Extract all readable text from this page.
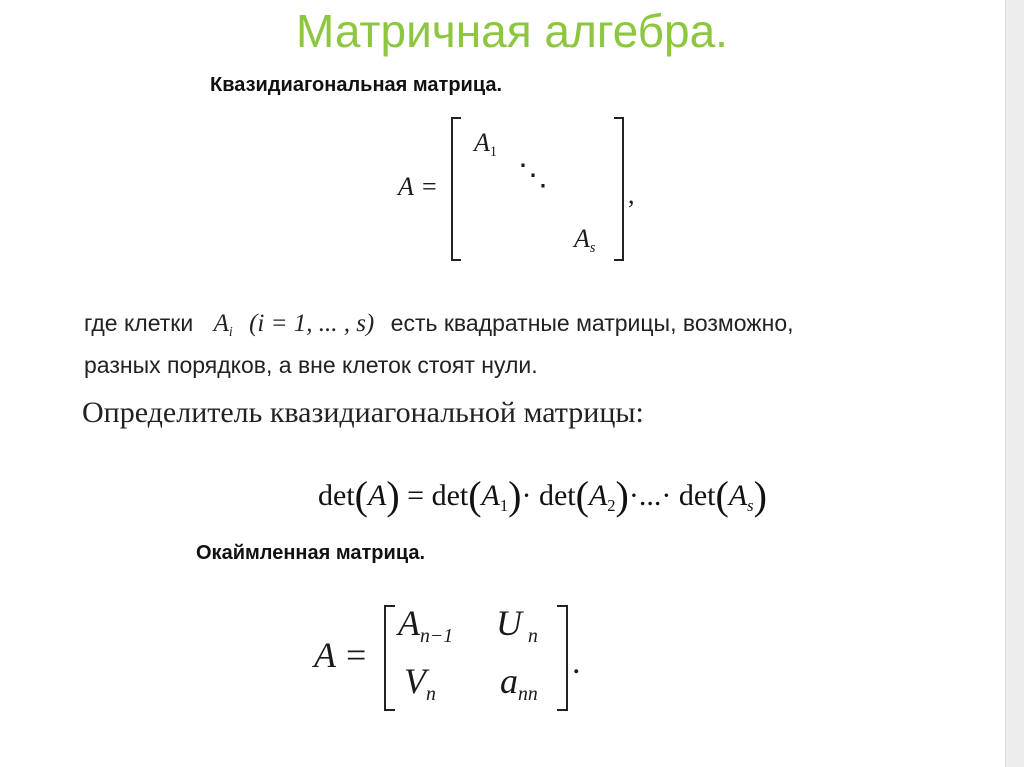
Матричная алгебра.
Квазидиагональная матрица.
A =
A1
⋱
As
,
где клетки Ai (i = 1, ... , s) есть квадратные матрицы, возможно,
разных порядков, а вне клеток стоят нули.
Определитель квазидиагональной матрицы:
det(A) = det(A1)· det(A2)·...· det(As)
Окаймленная матрица.
A =
An−1 Un
Vn ann
.
